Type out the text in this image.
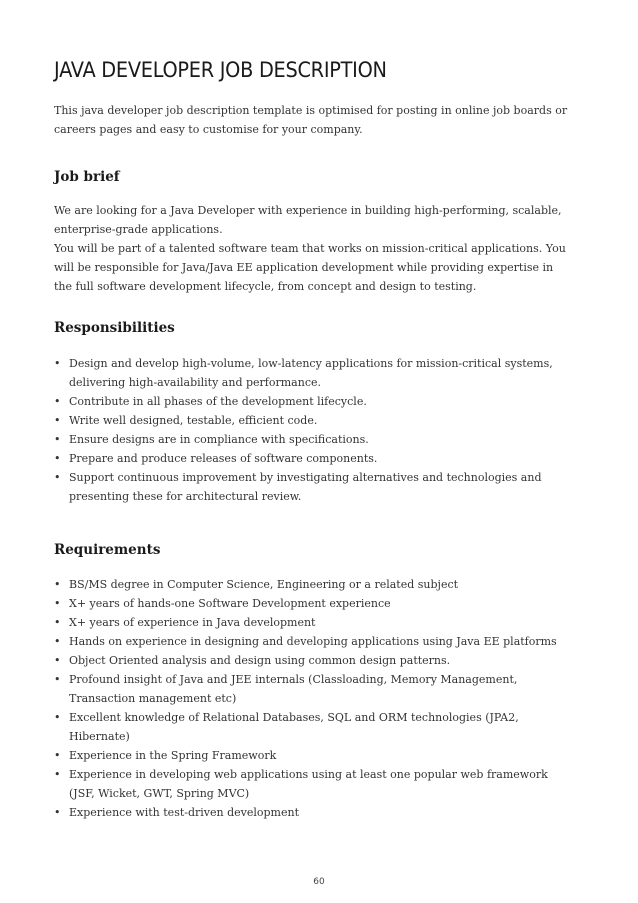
JAVA DEVELOPER JOB DESCRIPTION

This java developer job description template is optimised for posting in online job boards or careers pages and easy to customise for your company.

Job brief
We are looking for a Java Developer with experience in building high-performing, scalable, enterprise-grade applications.
You will be part of a talented software team that works on mission-critical applications. You will be responsible for Java/Java EE application development while providing expertise in the full software development lifecycle, from concept and design to testing.
Responsibilities
• Design and develop high-volume, low-latency applications for mission-critical systems, delivering high-availability and performance.
• Contribute in all phases of the development lifecycle.
• Write well designed, testable, efficient code.
• Ensure designs are in compliance with specifications.
• Prepare and produce releases of software components.
• Support continuous improvement by investigating alternatives and technologies and presenting these for architectural review.
Requirements
• BS/MS degree in Computer Science, Engineering or a related subject
• X+ years of hands-one Software Development experience
• X+ years of experience in Java development
• Hands on experience in designing and developing applications using Java EE platforms
• Object Oriented analysis and design using common design patterns.
• Profound insight of Java and JEE internals (Classloading, Memory Management, Transaction management etc)
• Excellent knowledge of Relational Databases, SQL and ORM technologies (JPA2, Hibernate)
• Experience in the Spring Framework
• Experience in developing web applications using at least one popular web framework (JSF, Wicket, GWT, Spring MVC)
• Experience with test-driven development
60
